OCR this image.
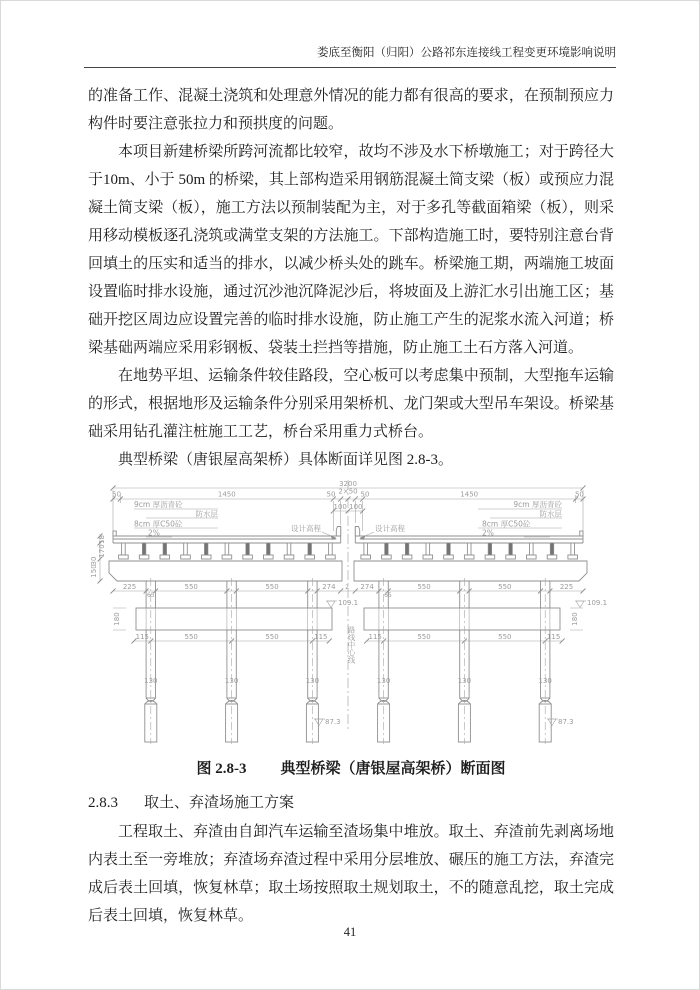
娄底至衡阳（归阳）公路祁东连接线工程变更环境影响说明

的准备工作、混凝土浇筑和处理意外情况的能力都有很高的要求，在预制预应力构件时要注意张拉力和预拱度的问题。

本项目新建桥梁所跨河流都比较窄，故均不涉及水下桥墩施工；对于跨径大于10m、小于 50m 的桥梁，其上部构造采用钢筋混凝土简支梁（板）或预应力混凝土简支梁（板），施工方法以预制装配为主，对于多孔等截面箱梁（板），则采用移动模板逐孔浇筑或满堂支架的方法施工。下部构造施工时，要特别注意台背回填土的压实和适当的排水，以减少桥头处的跳车。桥梁施工期，两端施工坡面设置临时排水设施，通过沉沙池沉降泥沙后，将坡面及上游汇水引出施工区；基础开挖区周边应设置完善的临时排水设施，防止施工产生的泥浆水流入河道；桥梁基础两端应采用彩钢板、袋装土拦挡等措施，防止施工土石方落入河道。

在地势平坦、运输条件较佳路段，空心板可以考虑集中预制，大型拖车运输的形式，根据地形及运输条件分别采用架桥机、龙门架或大型吊车架设。桥梁基础采用钻孔灌注桩施工工艺，桥台采用重力式桥台。

典型桥梁（唐银屋高架桥）具体断面详见图 2.8-3。

路线中心线
3200
50	1450	50 2×50 50	1450	50
100 100
225
65
550	550	274 2 274
65
550	550	225
115	550	550	115	115	550	550	115
18
170
30
150
180	180
9cm 厚沥青砼
防水层
8cm 厚C50砼
2%
9cm 厚沥青砼
防水层
8cm 厚C50砼
2%
设计高程	设计高程
130	130	130	130	130	130
109.1	109.1
87.3	87.3
图 2.8-3 典型桥梁（唐银屋高架桥）断面图
2.8.3 取土、弃渣场施工方案

工程取土、弃渣由自卸汽车运输至渣场集中堆放。取土、弃渣前先剥离场地内表土至一旁堆放；弃渣场弃渣过程中采用分层堆放、碾压的施工方法，弃渣完成后表土回填，恢复林草；取土场按照取土规划取土，不的随意乱挖，取土完成后表土回填，恢复林草。

41
